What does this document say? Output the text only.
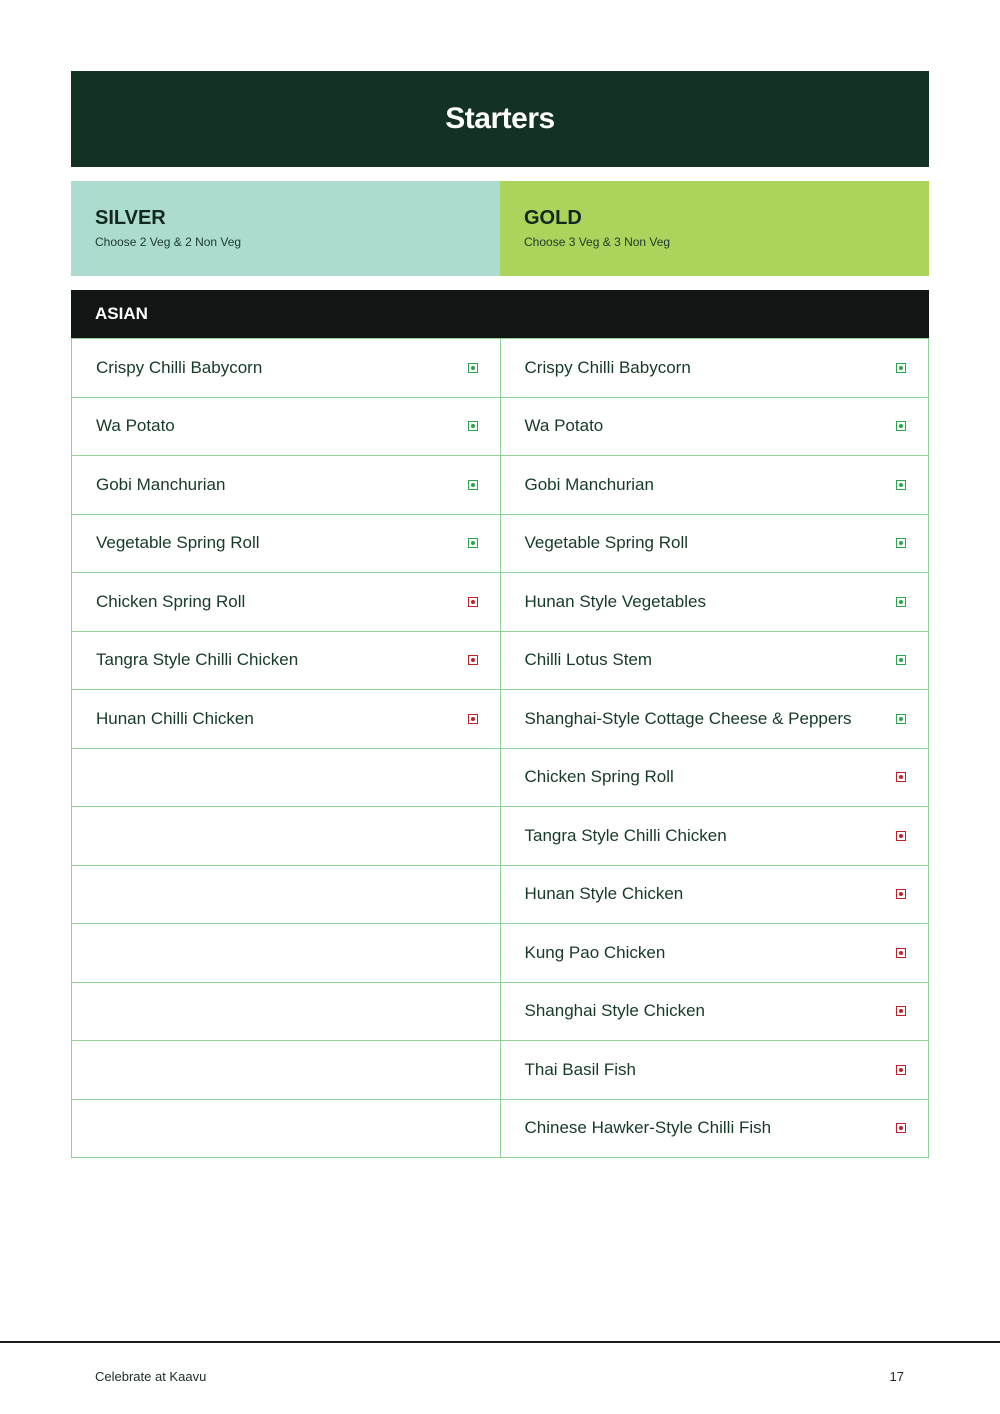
Starters
SILVER
Choose 2 Veg & 2 Non Veg
GOLD
Choose 3 Veg & 3 Non Veg
ASIAN
Crispy Chilli Babycorn	Crispy Chilli Babycorn

Wa Potato	Wa Potato

Gobi Manchurian	Gobi Manchurian

Vegetable Spring Roll	Vegetable Spring Roll

Chicken Spring Roll	Hunan Style Vegetables

Tangra Style Chilli Chicken	Chilli Lotus Stem

Hunan Chilli Chicken	Shanghai-Style Cottage Cheese & Peppers

	Chicken Spring Roll

	Tangra Style Chilli Chicken

	Hunan Style Chicken

	Kung Pao Chicken

	Shanghai Style Chicken

	Thai Basil Fish

	Chinese Hawker-Style Chilli Fish
Celebrate at Kaavu	17
